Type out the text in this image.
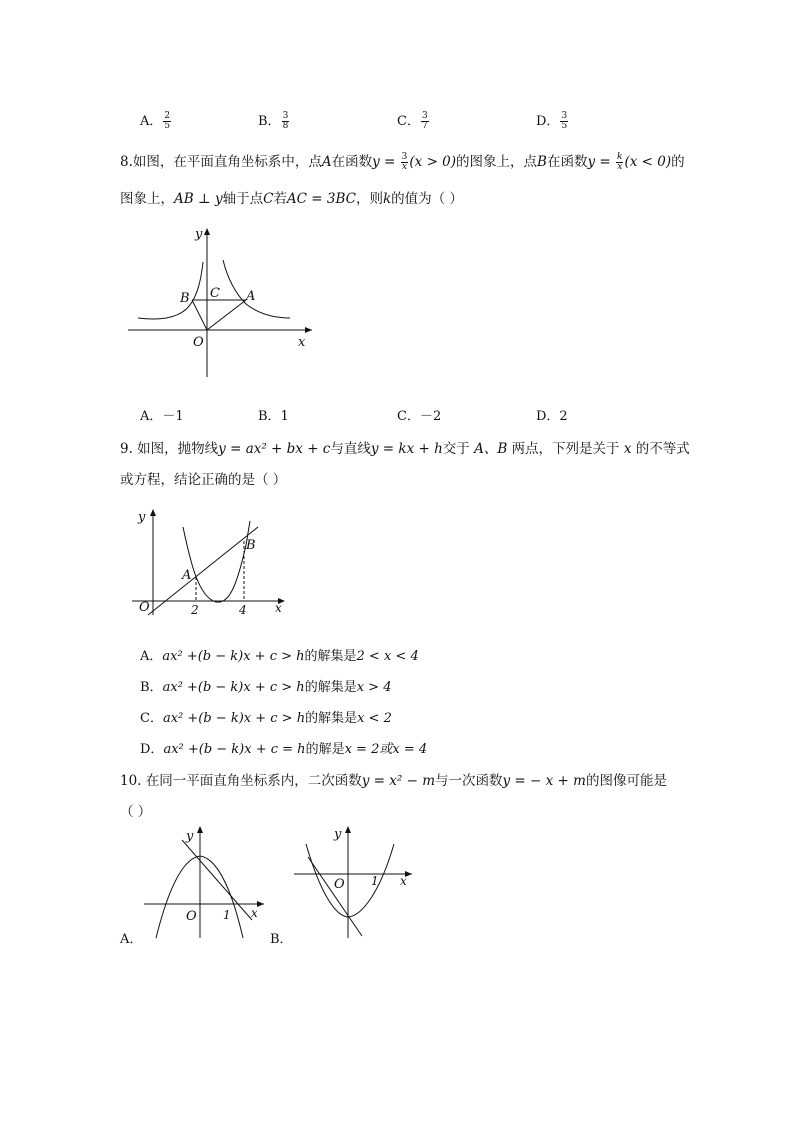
A． $\frac{2}{5}$	B． $\frac{3}{8}$	C． $\frac{3}{7}$	D． $\frac{3}{5}$
8.如图，在平面直角坐标系中，点A在函数$y = \frac{3}{x} (x > 0)$的图象上，点B在函数$y = \frac{k}{x} (x < 0)$的
图象上，AB ⊥ y轴于点C若AC = 3BC，则k的值为（ ）
y
x
O
A
B C
A．－1	B．1	C．－2	D．2
9. 如图，抛物线y = ax² + bx + c与直线y = kx + h交于 A、B 两点，下列是关于 x 的不等式
或方程，结论正确的是（ ）
y
x
O
A
B
2	4
A．ax² +(b − k)x + c > h的解集是2 < x < 4
B．ax² +(b − k)x + c > h的解集是x > 4
C．ax² +(b − k)x + c > h的解集是x < 2
D．ax² +(b − k)x + c = h的解是x = 2或x = 4
10. 在同一平面直角坐标系内，二次函数y = x² − m与一次函数y = − x + m的图像可能是
（ ）
A．
y
x
O 1
B．
y
x
O 1
